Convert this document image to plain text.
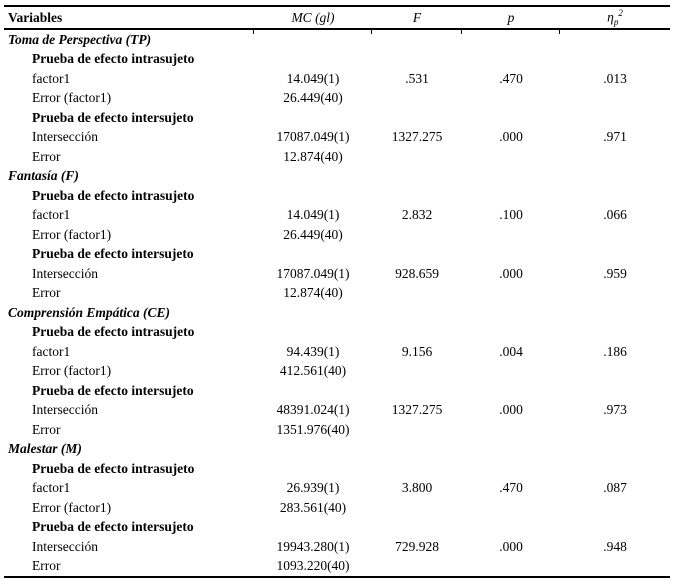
Variables	MC (gl)	F	p	$\eta_p^2$
Toma de Perspectiva (TP)				
Prueba de efecto intrasujeto				
factor1	14.049(1)	.531	.470	.013
Error (factor1)	26.449(40)			
Prueba de efecto intersujeto				
Intersección	17087.049(1)	1327.275	.000	.971
Error	12.874(40)			
Fantasía (F)				
Prueba de efecto intrasujeto				
factor1	14.049(1)	2.832	.100	.066
Error (factor1)	26.449(40)			
Prueba de efecto intersujeto				
Intersección	17087.049(1)	928.659	.000	.959
Error	12.874(40)			
Comprensión Empática (CE)				
Prueba de efecto intrasujeto				
factor1	94.439(1)	9.156	.004	.186
Error (factor1)	412.561(40)			
Prueba de efecto intersujeto				
Intersección	48391.024(1)	1327.275	.000	.973
Error	1351.976(40)			
Malestar (M)				
Prueba de efecto intrasujeto				
factor1	26.939(1)	3.800	.470	.087
Error (factor1)	283.561(40)			
Prueba de efecto intersujeto				
Intersección	19943.280(1)	729.928	.000	.948
Error	1093.220(40)			
